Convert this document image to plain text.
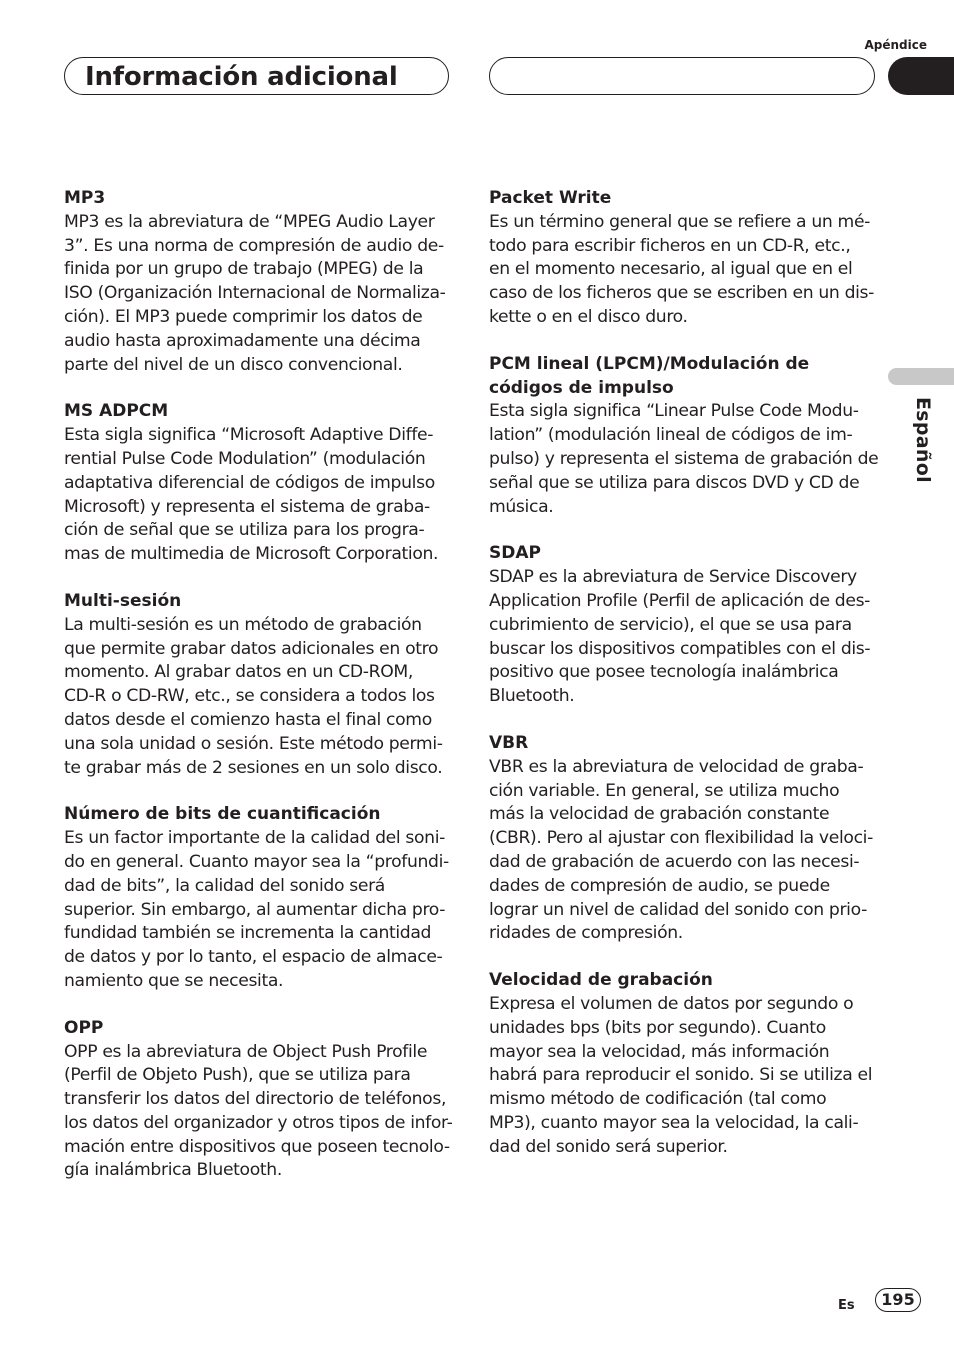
Apéndice
Información adicional
Español
MP3

MP3 es la abreviatura de “MPEG Audio Layer
3”. Es una norma de compresión de audio de-
finida por un grupo de trabajo (MPEG) de la
ISO (Organización Internacional de Normaliza-
ción). El MP3 puede comprimir los datos de
audio hasta aproximadamente una décima
parte del nivel de un disco convencional.

MS ADPCM

Esta sigla significa “Microsoft Adaptive Diffe-
rential Pulse Code Modulation” (modulación
adaptativa diferencial de códigos de impulso
Microsoft) y representa el sistema de graba-
ción de señal que se utiliza para los progra-
mas de multimedia de Microsoft Corporation.

Multi-sesión

La multi-sesión es un método de grabación
que permite grabar datos adicionales en otro
momento. Al grabar datos en un CD-ROM,
CD-R o CD-RW, etc., se considera a todos los
datos desde el comienzo hasta el final como
una sola unidad o sesión. Este método permi-
te grabar más de 2 sesiones en un solo disco.

Número de bits de cuantificación

Es un factor importante de la calidad del soni-
do en general. Cuanto mayor sea la “profundi-
dad de bits”, la calidad del sonido será
superior. Sin embargo, al aumentar dicha pro-
fundidad también se incrementa la cantidad
de datos y por lo tanto, el espacio de almace-
namiento que se necesita.

OPP

OPP es la abreviatura de Object Push Profile
(Perfil de Objeto Push), que se utiliza para
transferir los datos del directorio de teléfonos,
los datos del organizador y otros tipos de infor-
mación entre dispositivos que poseen tecnolo-
gía inalámbrica Bluetooth.

Packet Write

Es un término general que se refiere a un mé-
todo para escribir ficheros en un CD-R, etc.,
en el momento necesario, al igual que en el
caso de los ficheros que se escriben en un dis-
kette o en el disco duro.

PCM lineal (LPCM)/Modulación de
códigos de impulso

Esta sigla significa “Linear Pulse Code Modu-
lation” (modulación lineal de códigos de im-
pulso) y representa el sistema de grabación de
señal que se utiliza para discos DVD y CD de
música.

SDAP

SDAP es la abreviatura de Service Discovery
Application Profile (Perfil de aplicación de des-
cubrimiento de servicio), el que se usa para
buscar los dispositivos compatibles con el dis-
positivo que posee tecnología inalámbrica
Bluetooth.

VBR

VBR es la abreviatura de velocidad de graba-
ción variable. En general, se utiliza mucho
más la velocidad de grabación constante
(CBR). Pero al ajustar con flexibilidad la veloci-
dad de grabación de acuerdo con las necesi-
dades de compresión de audio, se puede
lograr un nivel de calidad del sonido con prio-
ridades de compresión.

Velocidad de grabación

Expresa el volumen de datos por segundo o
unidades bps (bits por segundo). Cuanto
mayor sea la velocidad, más información
habrá para reproducir el sonido. Si se utiliza el
mismo método de codificación (tal como
MP3), cuanto mayor sea la velocidad, la cali-
dad del sonido será superior.

Es	195
